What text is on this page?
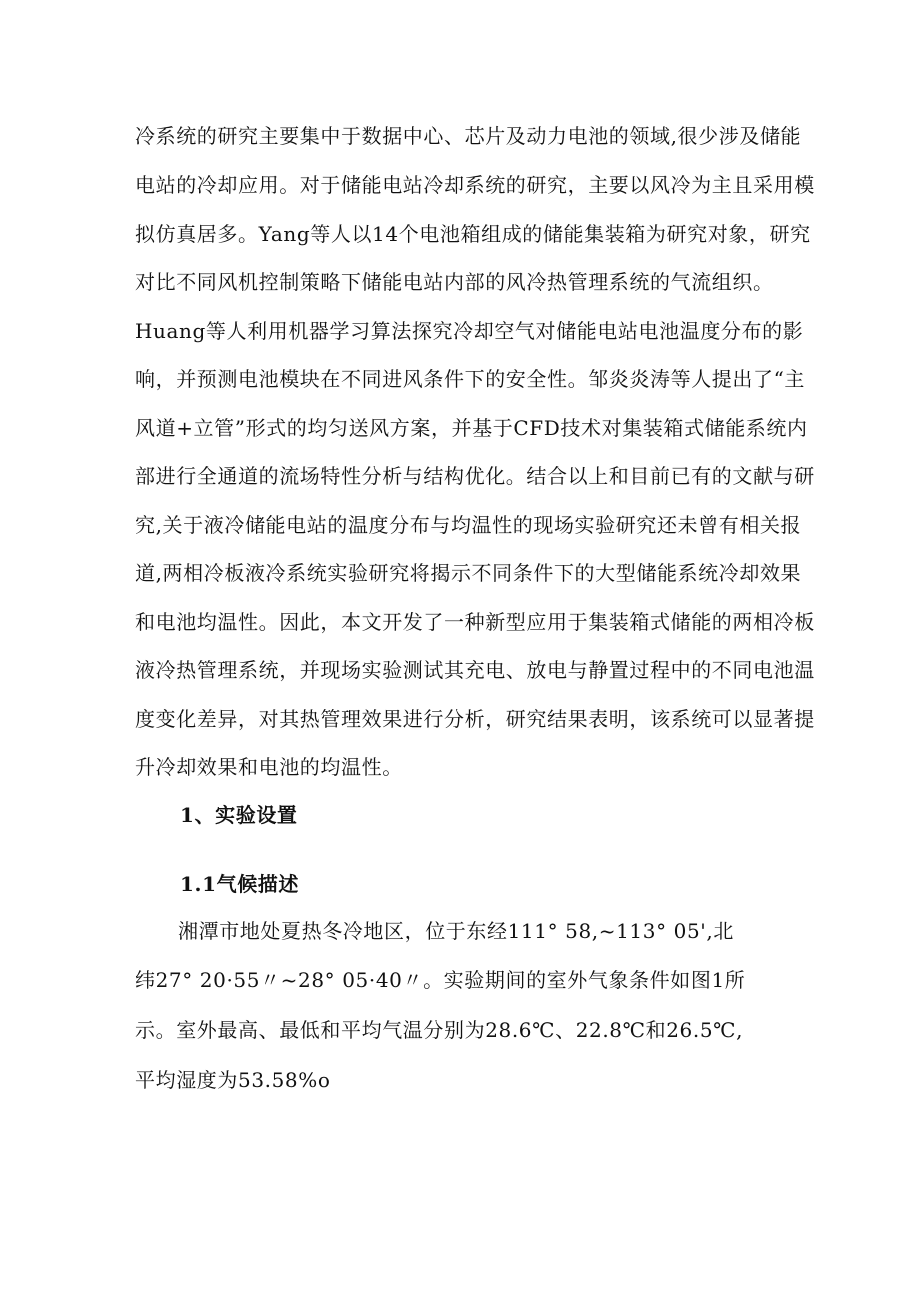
冷系统的研究主要集中于数据中心、芯片及动力电池的领域,很少涉及储能
电站的冷却应用。对于储能电站冷却系统的研究，主要以风冷为主且采用模
拟仿真居多。Yang等人以14个电池箱组成的储能集装箱为研究对象，研究
对比不同风机控制策略下储能电站内部的风冷热管理系统的气流组织。
Huang等人利用机器学习算法探究冷却空气对储能电站电池温度分布的影
响，并预测电池模块在不同进风条件下的安全性。邹炎炎涛等人提出了“主
风道+立管”形式的均匀送风方案，并基于CFD技术对集装箱式储能系统内
部进行全通道的流场特性分析与结构优化。结合以上和目前已有的文献与研
究,关于液冷储能电站的温度分布与均温性的现场实验研究还未曾有相关报
道,两相冷板液冷系统实验研究将揭示不同条件下的大型储能系统冷却效果
和电池均温性。因此，本文开发了一种新型应用于集装箱式储能的两相冷板
液冷热管理系统，并现场实验测试其充电、放电与静置过程中的不同电池温
度变化差异，对其热管理效果进行分析，研究结果表明，该系统可以显著提
升冷却效果和电池的均温性。
1、实验设置
1.1气候描述
湘潭市地处夏热冬冷地区，位于东经111° 58,~113° 05',北
纬27° 20·55〃~28° 05·40〃。实验期间的室外气象条件如图1所
示。室外最高、最低和平均气温分别为28.6℃、22.8℃和26.5℃,
平均湿度为53.58%o
